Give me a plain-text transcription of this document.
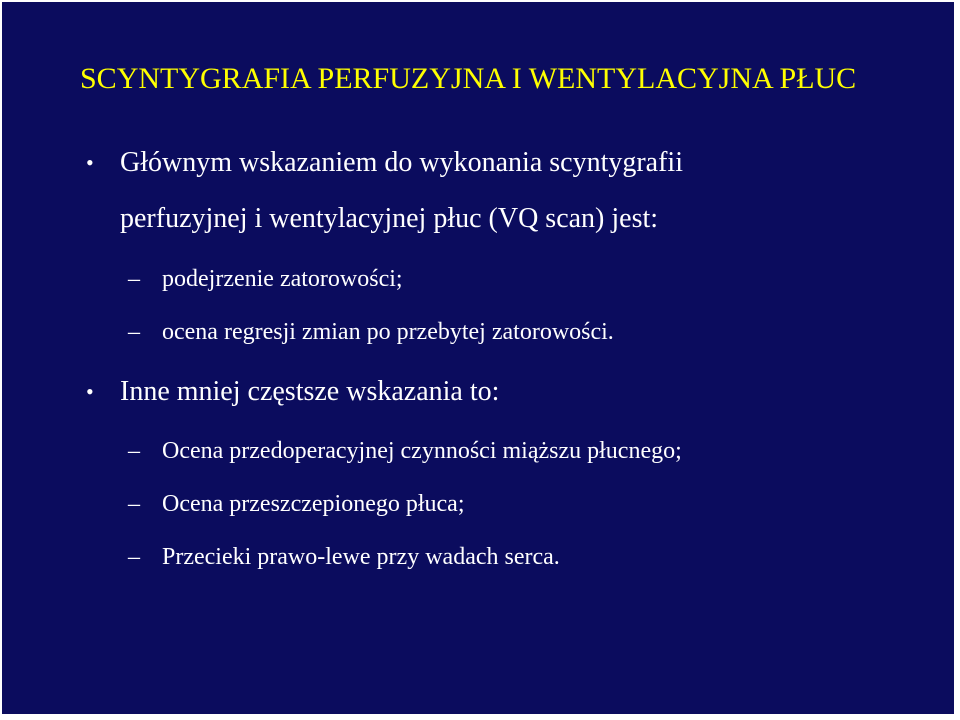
SCYNTYGRAFIA PERFUZYJNA I WENTYLACYJNA PŁUC
• Głównym wskazaniem do wykonania scyntygrafii
perfuzyjnej i wentylacyjnej płuc (VQ scan) jest:
– podejrzenie zatorowości;
– ocena regresji zmian po przebytej zatorowości.
• Inne mniej częstsze wskazania to:
– Ocena przedoperacyjnej czynności miąższu płucnego;
– Ocena przeszczepionego płuca;
– Przecieki prawo-lewe przy wadach serca.
